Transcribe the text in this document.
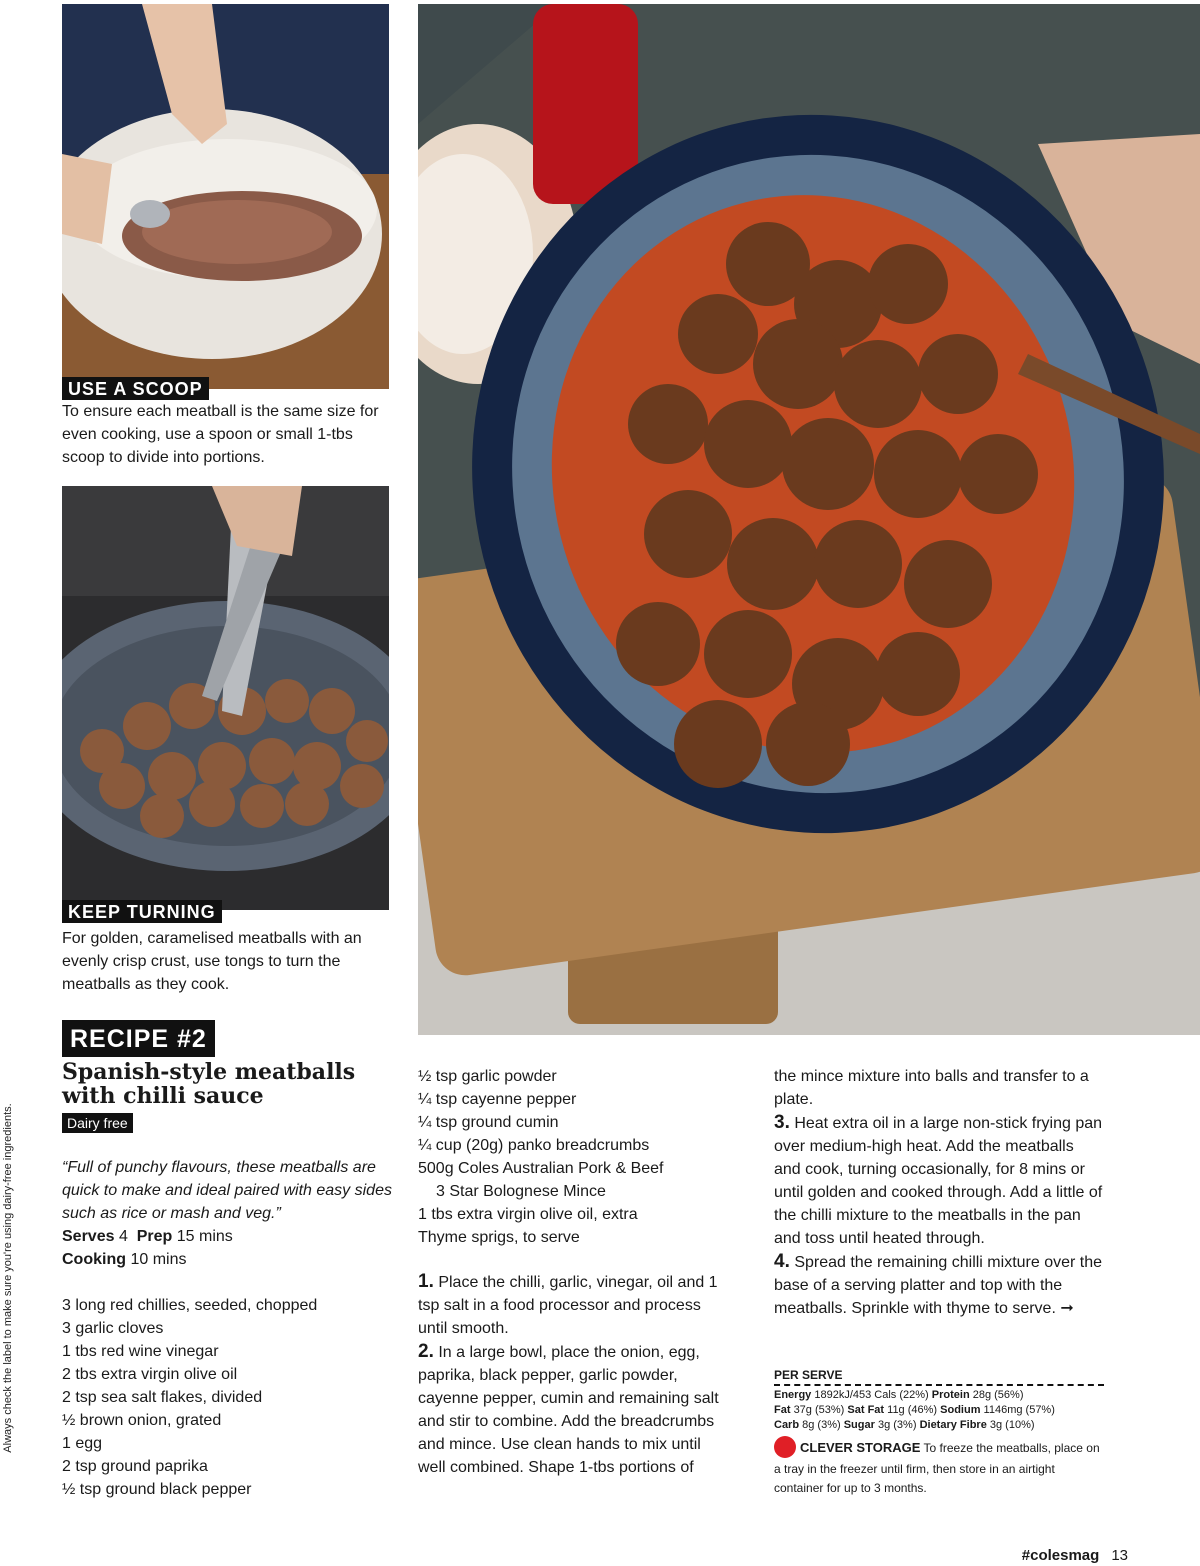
Always check the label to make sure you're using dairy-free ingredients.
USE A SCOOP
To ensure each meatball is the same size for even cooking, use a spoon or small 1-tbs scoop to divide into portions.
KEEP TURNING
For golden, caramelised meatballs with an evenly crisp crust, use tongs to turn the meatballs as they cook.
RECIPE #2
Spanish-style meatballs with chilli sauce
Dairy free
“Full of punchy flavours, these meatballs are quick to make and ideal paired with easy sides such as rice or mash and veg.”
Serves 4 Prep 15 mins
Cooking 10 mins
3 long red chillies, seeded, chopped
3 garlic cloves
1 tbs red wine vinegar
2 tbs extra virgin olive oil
2 tsp sea salt flakes, divided
½ brown onion, grated
1 egg
2 tsp ground paprika
½ tsp ground black pepper
½ tsp garlic powder
¼ tsp cayenne pepper
¼ tsp ground cumin
¼ cup (20g) panko breadcrumbs
500g Coles Australian Pork & Beef
3 Star Bolognese Mince
1 tbs extra virgin olive oil, extra
Thyme sprigs, to serve

1. Place the chilli, garlic, vinegar, oil and 1 tsp salt in a food processor and process until smooth.

2. In a large bowl, place the onion, egg, paprika, black pepper, garlic powder, cayenne pepper, cumin and remaining salt and stir to combine. Add the breadcrumbs and mince. Use clean hands to mix until well combined. Shape 1-tbs portions of

the mince mixture into balls and transfer to a plate.

3. Heat extra oil in a large non-stick frying pan over medium-high heat. Add the meatballs and cook, turning occasionally, for 8 mins or until golden and cooked through. Add a little of the chilli mixture to the meatballs in the pan and toss until heated through.

4. Spread the remaining chilli mixture over the base of a serving platter and top with the meatballs. Sprinkle with thyme to serve. ➞

PER SERVE
Energy 1892kJ/453 Cals (22%) Protein 28g (56%)
Fat 37g (53%) Sat Fat 11g (46%) Sodium 1146mg (57%)
Carb 8g (3%) Sugar 3g (3%) Dietary Fibre 3g (10%)
CLEVER STORAGE To freeze the meatballs, place on a tray in the freezer until firm, then store in an airtight container for up to 3 months.
#colesmag 13
